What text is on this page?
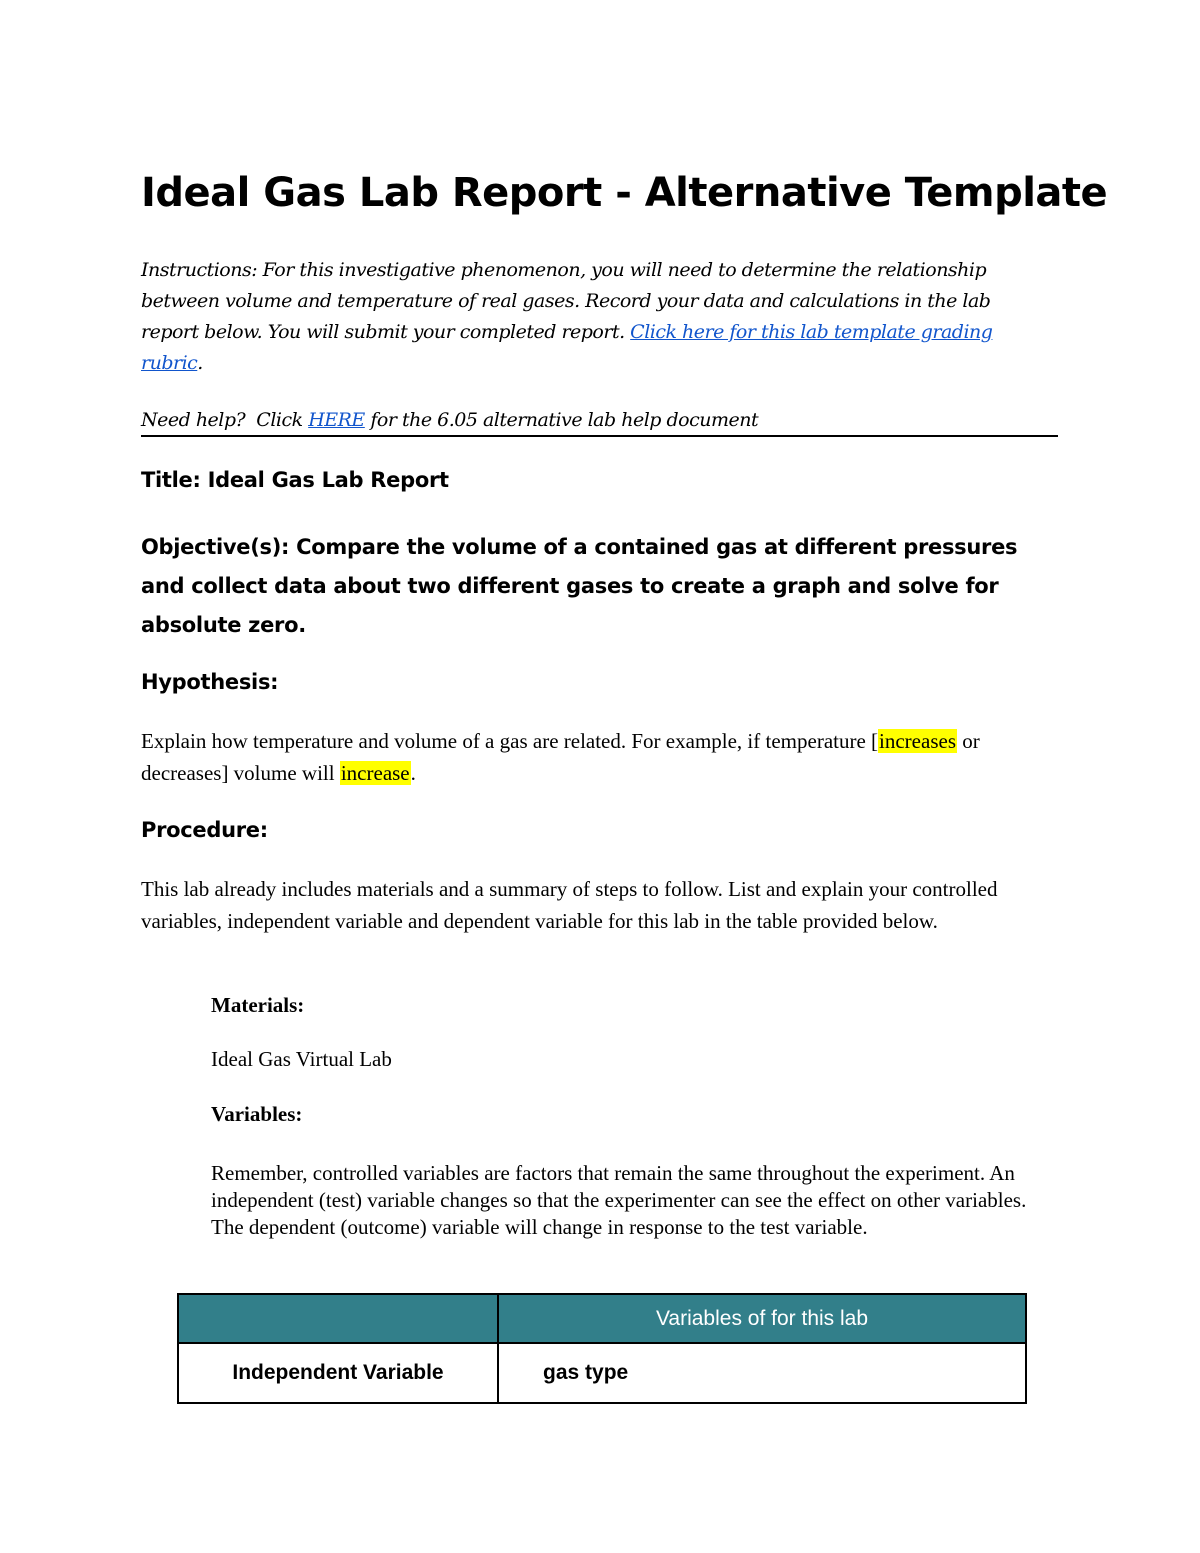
Ideal Gas Lab Report - Alternative Template

Instructions: For this investigative phenomenon, you will need to determine the relationship between volume and temperature of real gases. Record your data and calculations in the lab report below. You will submit your completed report. Click here for this lab template grading rubric.

Need help?  Click HERE for the 6.05 alternative lab help document

Title: Ideal Gas Lab Report
Objective(s): Compare the volume of a contained gas at different pressures and collect data about two different gases to create a graph and solve for absolute zero.
Hypothesis:

Explain how temperature and volume of a gas are related. For example, if temperature [increases or decreases] volume will increase.

Procedure:

This lab already includes materials and a summary of steps to follow. List and explain your controlled variables, independent variable and dependent variable for this lab in the table provided below.

Materials:

Ideal Gas Virtual Lab

Variables:

Remember, controlled variables are factors that remain the same throughout the experiment. An independent (test) variable changes so that the experimenter can see the effect on other variables. The dependent (outcome) variable will change in response to the test variable.

	Variables of for this lab
Independent Variable	gas type
